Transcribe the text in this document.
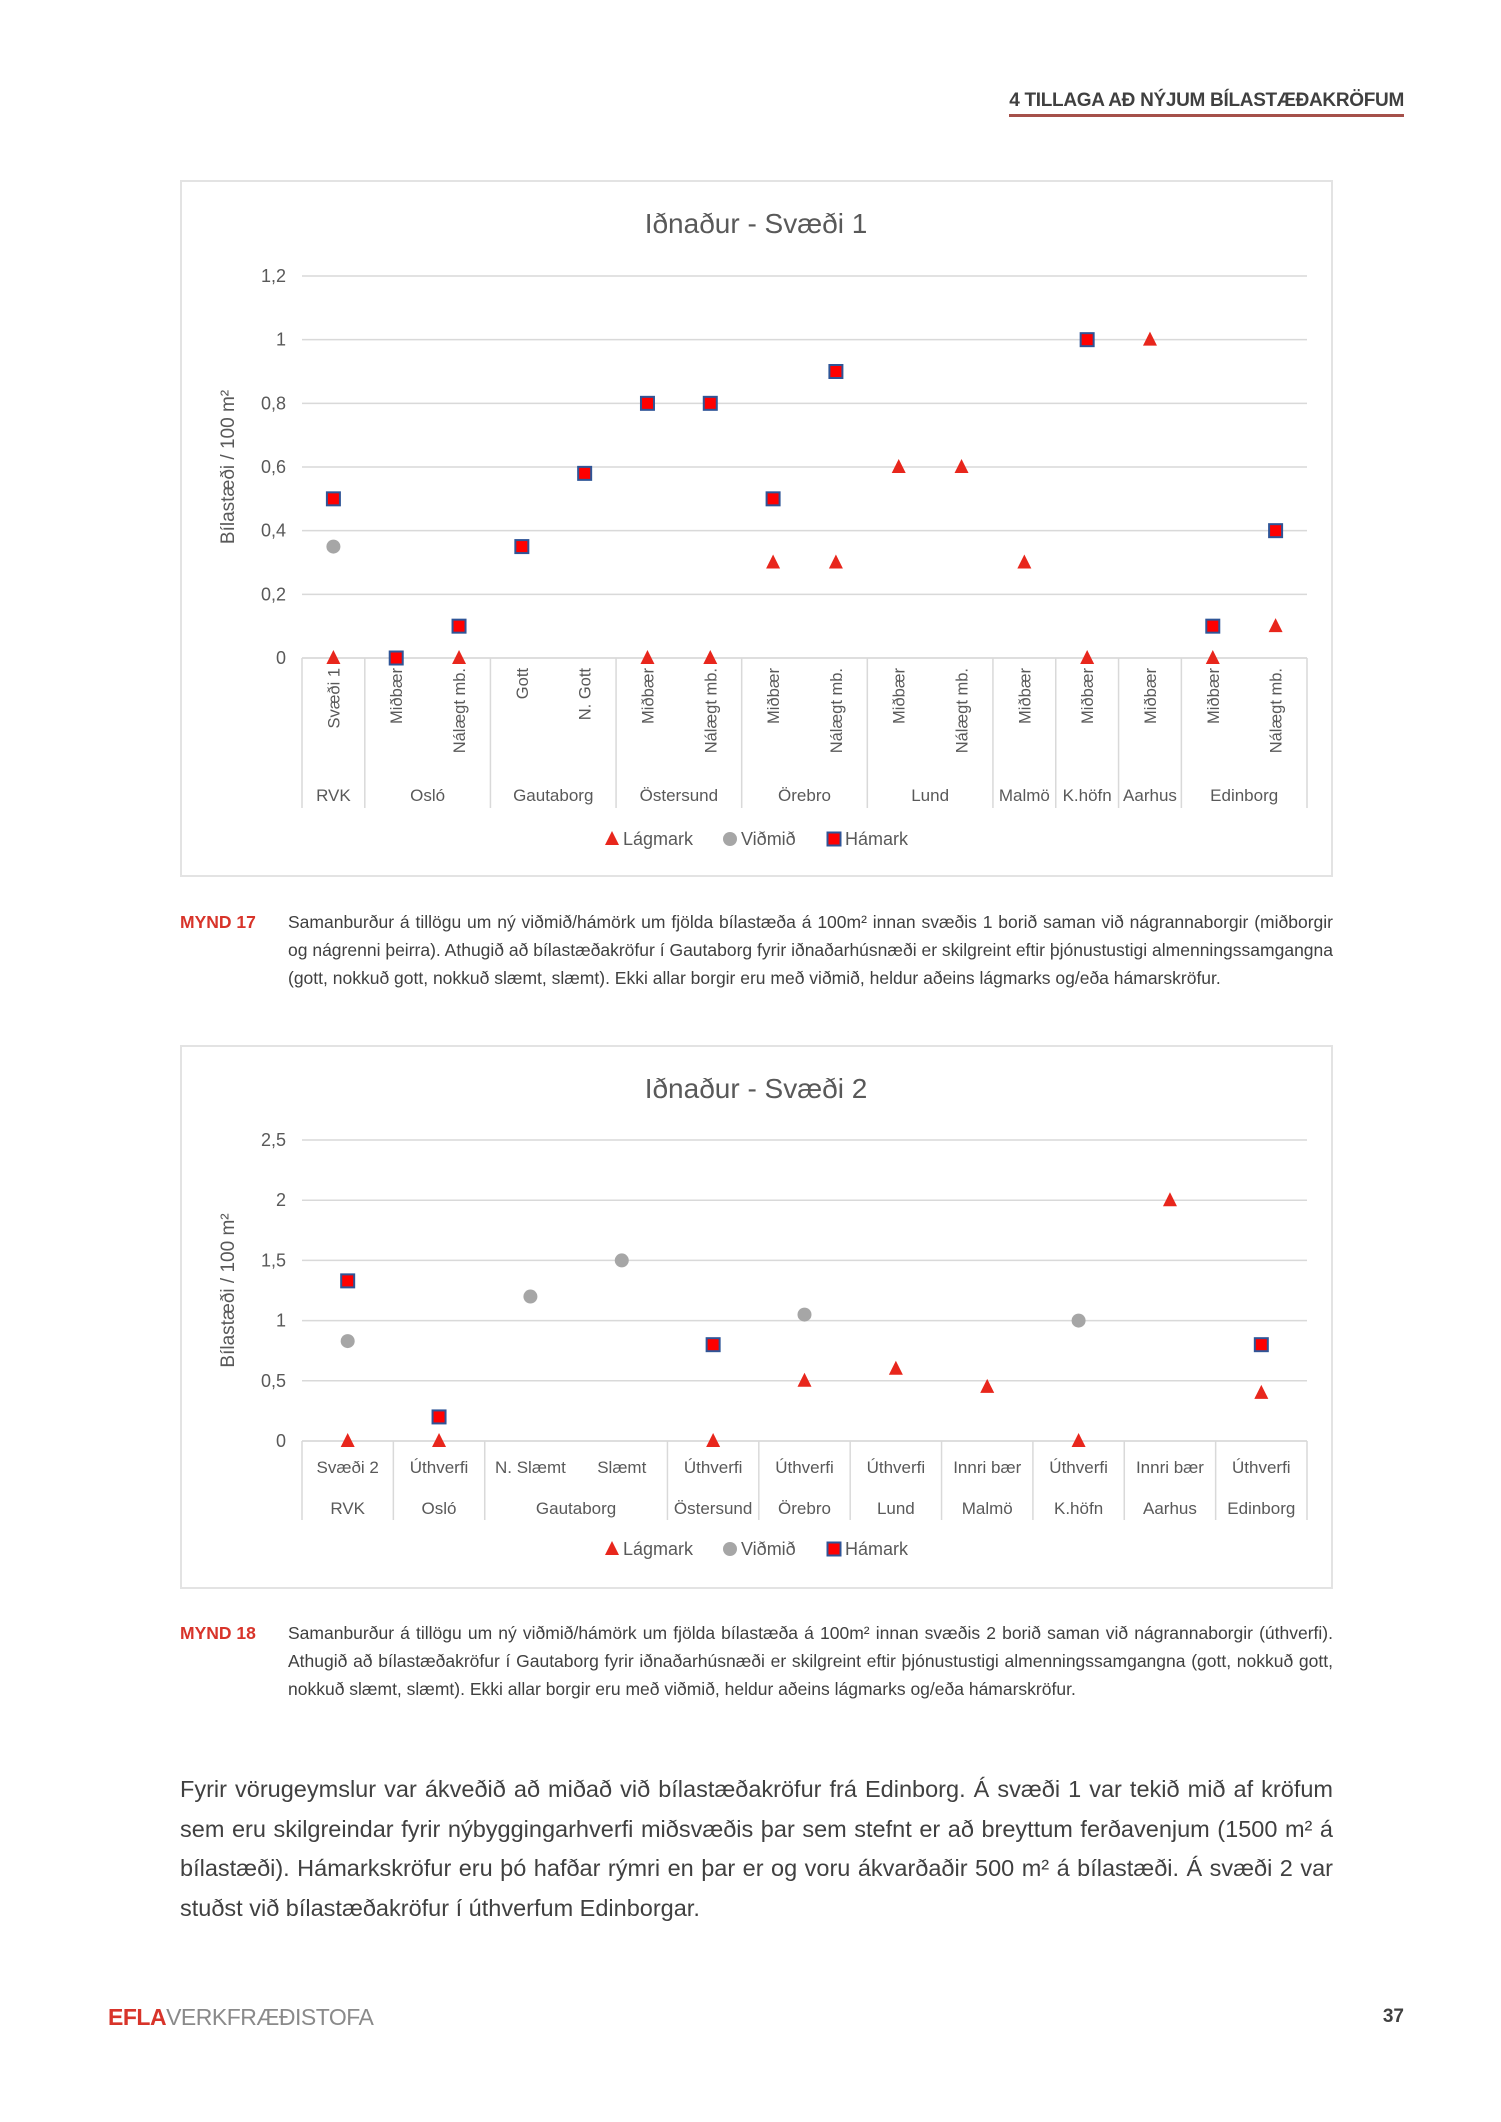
4 TILLAGA AÐ NÝJUM BÍLASTÆÐAKRÖFUM
Iðnaður - Svæði 1
0
0,2
0,4
0,6
0,8
1
1,2
Bílastæði / 100 m²
Svæði 1	Miðbær	Nálægt mb.	Gott	N. Gott	Miðbær	Nálægt mb.	Miðbær	Nálægt mb.	Miðbær	Nálægt mb.	Miðbær	Miðbær	Miðbær	Miðbær	Nálægt mb.
RVK	Osló	Gautaborg	Östersund	Örebro	Lund	Malmö K.höfn Aarhus Edinborg
Lágmark	Viðmið	Hámark
MYND 17 Samanburður á tillögu um ný viðmið/hámörk um fjölda bílastæða á 100m² innan svæðis 1 borið saman við nágrannaborgir (miðborgir og nágrenni þeirra). Athugið að bílastæðakröfur í Gautaborg fyrir iðnaðarhúsnæði er skilgreint eftir þjónustustigi almenningssamgangna (gott, nokkuð gott, nokkuð slæmt, slæmt). Ekki allar borgir eru með viðmið, heldur aðeins lágmarks og/eða hámarskröfur.
Iðnaður - Svæði 2
0
0,5
1
1,5
2
2,5
Bílastæði / 100 m²
Svæði 2 Úthverfi N. Slæmt Slæmt Úthverfi Úthverfi Úthverfi Innri bær Úthverfi Innri bær Úthverfi
RVK	Osló	Gautaborg	Östersund Örebro	Lund	Malmö K.höfn Aarhus Edinborg
Lágmark	Viðmið	Hámark
MYND 18 Samanburður á tillögu um ný viðmið/hámörk um fjölda bílastæða á 100m² innan svæðis 2 borið saman við nágrannaborgir (úthverfi). Athugið að bílastæðakröfur í Gautaborg fyrir iðnaðarhúsnæði er skilgreint eftir þjónustustigi almenningssamgangna (gott, nokkuð gott, nokkuð slæmt, slæmt). Ekki allar borgir eru með viðmið, heldur aðeins lágmarks og/eða hámarskröfur.
Fyrir vörugeymslur var ákveðið að miðað við bílastæðakröfur frá Edinborg. Á svæði 1 var tekið mið af kröfum sem eru skilgreindar fyrir nýbyggingarhverfi miðsvæðis þar sem stefnt er að breyttum ferðavenjum (1500 m² á bílastæði). Hámarkskröfur eru þó hafðar rýmri en þar er og voru ákvarðaðir 500 m² á bílastæði. Á svæði 2 var stuðst við bílastæðakröfur í úthverfum Edinborgar.
EFLAVERKFRÆÐISTOFA	37
